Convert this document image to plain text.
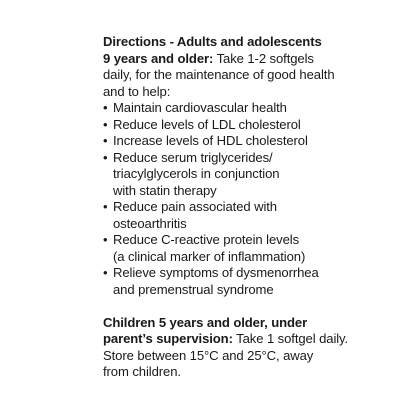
Directions - Adults and adolescents

9 years and older: Take 1-2 softgels

daily, for the maintenance of good health

and to help:

• Maintain cardiovascular health
• Reduce levels of LDL cholesterol
• Increase levels of HDL cholesterol
• Reduce serum triglycerides/
triacylglycerols in conjunction
with statin therapy
• Reduce pain associated with
osteoarthritis
• Reduce C-reactive protein levels
(a clinical marker of inflammation)
• Relieve symptoms of dysmenorrhea
and premenstrual syndrome

Children 5 years and older, under

parent’s supervision: Take 1 softgel daily.

Store between 15°C and 25°C, away

from children.
